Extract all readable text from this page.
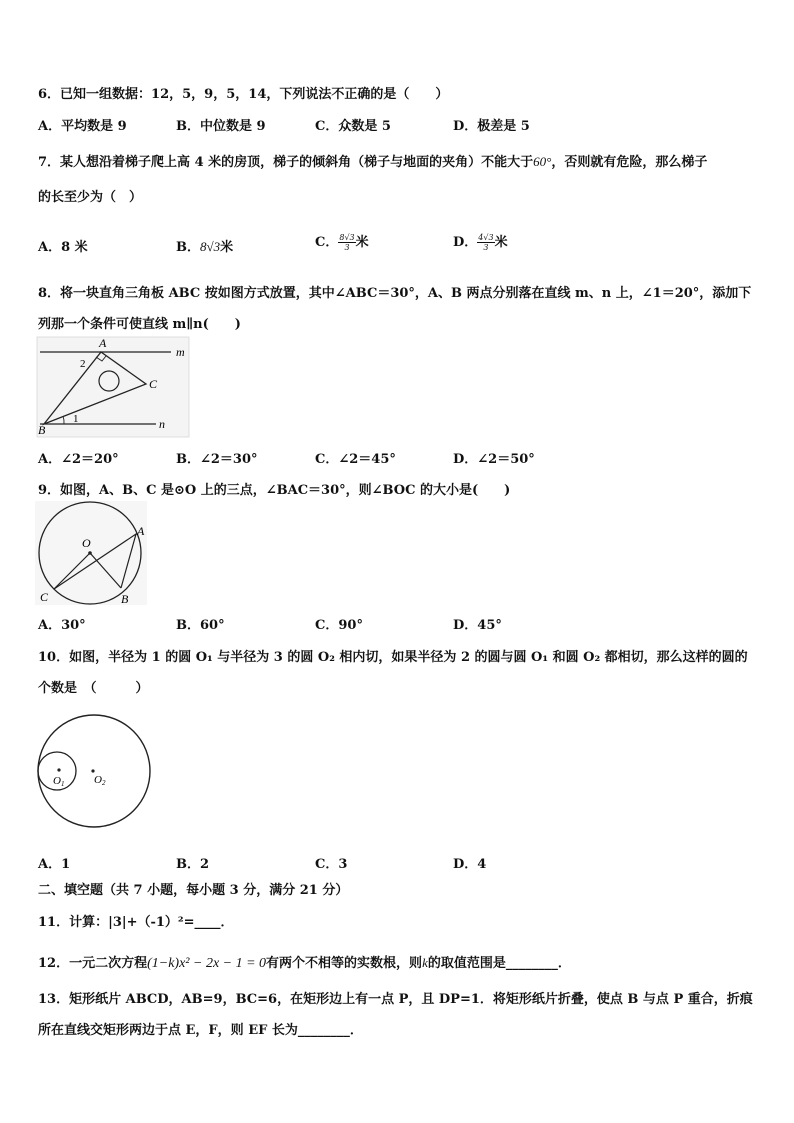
6．已知一组数据：12，5，9，5，14，下列说法不正确的是（　　）
A．平均数是 9	B．中位数是 9	C．众数是 5	D．极差是 5
7．某人想沿着梯子爬上高 4 米的房顶，梯子的倾斜角（梯子与地面的夹角）不能大于60°，否则就有危险，那么梯子
的长至少为（　）
A．8 米	B．8√3米	C． $\frac{8√3}{3}$ 米	D． $\frac{4√3}{3}$ 米
8．将一块直角三角板 ABC 按如图方式放置，其中∠ABC＝30°，A、B 两点分别落在直线 m、n 上，∠1＝20°，添加下
列那一个条件可使直线 m∥n(　　)
A
B
C
m
n
1
2
A．∠2＝20°	B．∠2＝30°	C．∠2＝45°	D．∠2＝50°
9．如图，A、B、C 是⊙O 上的三点，∠BAC＝30°，则∠BOC 的大小是(　　)
A
B
C
O
A．30°	B．60°	C．90°	D．45°
10．如图，半径为 1 的圆 O₁ 与半径为 3 的圆 O₂ 相内切，如果半径为 2 的圆与圆 O₁ 和圆 O₂ 都相切，那么这样的圆的
个数是　（　　　）
O1	O2
A．1	B．2	C．3	D．4
二、填空题（共 7 小题，每小题 3 分，满分 21 分）
11．计算：|3|+（-1）²=____．
12．一元二次方程(1−k)x² − 2x − 1 = 0有两个不相等的实数根，则k的取值范围是________．
13．矩形纸片 ABCD，AB=9，BC=6，在矩形边上有一点 P，且 DP=1．将矩形纸片折叠，使点 B 与点 P 重合，折痕
所在直线交矩形两边于点 E，F，则 EF 长为________．
